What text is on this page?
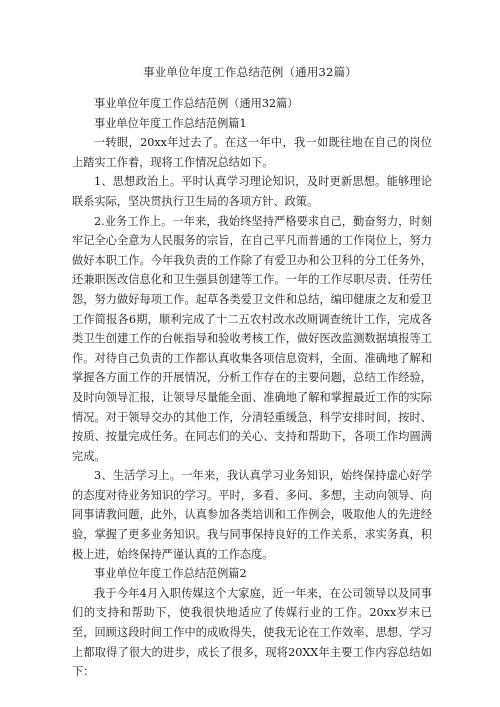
事业单位年度工作总结范例（通用32篇）

事业单位年度工作总结范例（通用32篇）

事业单位年度工作总结范例篇1

一转眼，20xx年过去了。在这一年中，我一如既往地在自己的岗位上踏实工作着，现将工作情况总结如下。

1、思想政治上。平时认真学习理论知识，及时更新思想。能够理论联系实际，坚决贯执行卫生局的各项方针、政策。

2.业务工作上。一年来，我始终坚持严格要求自己，勤奋努力，时刻牢记全心全意为人民服务的宗旨，在自己平凡而普通的工作岗位上，努力做好本职工作。今年我负责的工作除了有爱卫办和公卫科的分工任务外，还兼职医改信息化和卫生强县创建等工作。一年的工作尽职尽责、任劳任怨，努力做好每项工作。起草各类爱卫文件和总结，编印健康之友和爱卫工作简报各6期，顺利完成了十二五农村改水改厕调查统计工作，完成各类卫生创建工作的台帐指导和验收考核工作，做好医改监测数据填报等工作。对待自己负责的工作都认真收集各项信息资料，全面、准确地了解和掌握各方面工作的开展情况，分析工作存在的主要问题，总结工作经验，及时向领导汇报，让领导尽量能全面、准确地了解和掌握最近工作的实际情况。对于领导交办的其他工作，分清轻重缓急，科学安排时间，按时、按质、按量完成任务。在同志们的关心、支持和帮助下，各项工作均圆满完成。

3、生活学习上。一年来，我认真学习业务知识，始终保持虚心好学的态度对待业务知识的学习。平时，多看、多问、多想，主动向领导、向同事请教问题，此外，认真参加各类培训和工作例会，吸取他人的先进经验，掌握了更多业务知识。我与同事保持良好的工作关系，求实务真，积极上进，始终保持严谨认真的工作态度。

事业单位年度工作总结范例篇2

我于今年4月入职传媒这个大家庭，近一年来，在公司领导以及同事们的支持和帮助下，使我很快地适应了传媒行业的工作。20xx岁末已至，回顾这段时间工作中的成败得失，使我无论在工作效率、思想、学习上都取得了很大的进步，成长了很多，现将20XX年主要工作内容总结如下：
